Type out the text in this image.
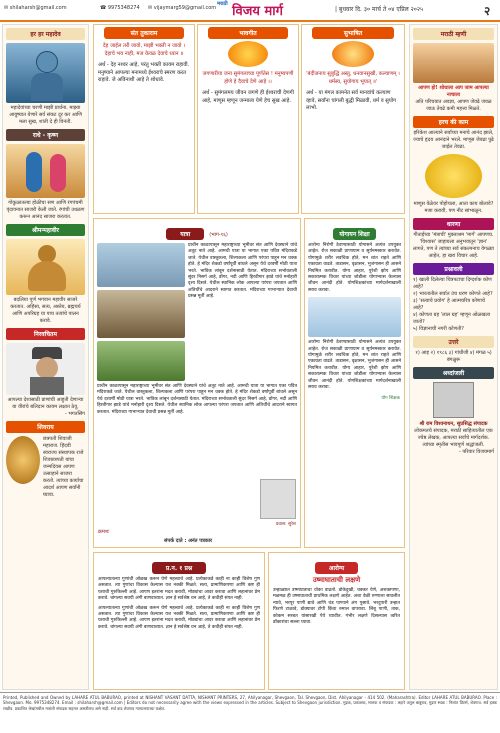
✉ shilaharsh@gmail.com	☎ 9975348274 ✉ vijaymarg59@gmail.com
$^{मराठी}$ विजय मार्ग	| बुधवार दि. ३० मार्च ते ०४ एप्रिल २०२५	२
हर हर महादेव

महादेवांच्या चरणी माझी प्रार्थना. माझ्या आयुष्यात येणारे सर्व संकट दूर कर आणि मला सुख, शांती दे ही विनंती.

राधे - कृष्ण

गोकुळातल्या होळीचा सण आणि रंगपंचमी वृंदावनात साजरी केली जाते. रंगांची उधळण करून आनंद साजरा करतात.

श्रीमन्महावीर

बदलिया पूर्ण भगवान महावीर साजरे करतात. अहिंसा, सत्य, अस्तेय, ब्रह्मचर्य आणि अपरिग्रह या पाच तत्वांचे पालन करावे.

निरवचितम

आपल्या देशासाठी प्राणांची आहुती देणाऱ्या या वीरांचे बलिदान कायम लक्षात ठेवू.

- भगतसिंग

शिवराय

छत्रपती शिवाजी महाराज. हिंदवी स्वराज्य संस्थापक राजे शिवछत्रपती यांचा जन्मदिवस आपण उत्साहाने साजरा करतो. त्यांच्या कार्याचा आदर्श आपण सर्वांनी घ्यावा.

संत तुकाराम

देह जाईल तरी जावो, माझी भक्ती न जावो । देहाचे भय नाही, मज केवळ देवाचे ध्यान ॥

अर्थ - देह नश्वर आहे, परंतु भक्ती कायम राहावी. मनुष्याने आपल्या मनामध्ये ईश्वराचे स्मरण करत राहावे. जे अविनाशी आहे ते शोधावे.

भावगीत

जगणारीया जना सुमंगलाच्या पूर्णतेस ! मनुष्यपणी होणे हे दैवाचे देणे आहे ।।

अर्थ - सुमंगलमय जीवन जगणे ही ईश्वराची देणगी आहे, माणूस म्हणून जन्माला येणे हेच सुख आहे.

सुभाषित

'बंदीजनाय सुबुद्धि अस्तु, धनवानसुखी, कल्याणम् । धर्मस्य, सुयोगाय भूयात् ॥'

अर्थ - या मंगल कामनेत सर्व मानवांचे कल्याण व्हावे, सर्वांना चांगली बुद्धी मिळावी, धर्म व सुयोग लाभो.

यात्रा	(भाग-१६)

प्राचीन काळापासून महाराष्ट्राच्या भूमीवर संत आणि देवस्थाने यांचे अतूट नाते आहे. आमची यात्रा या भागात एका पवित्र मंदिराकडे जाते. येथील वास्तुकला, शिल्पकला आणि परंपरा पाहून मन थक्क होते. हे मंदिर शेकडो वर्षांपूर्वी बांधले असून येथे दरवर्षी मोठी यात्रा भरते. भाविक लांबून दर्शनासाठी येतात. मंदिराच्या सभोवताली सुंदर निसर्ग आहे, डोंगर, नदी आणि हिरवीगार झाडे यांचे मनोहारी दृश्य दिसते. येथील स्थानिक लोक आपल्या परंपरा जपतात आणि अतिथींचे आदराने स्वागत करतात. मंदिराच्या गाभाऱ्यात देवाची प्रसन्न मूर्ती आहे.

प्राचीन काळापासून महाराष्ट्राच्या भूमीवर संत आणि देवस्थाने यांचे अतूट नाते आहे. आमची यात्रा या भागात एका पवित्र मंदिराकडे जाते. येथील वास्तुकला, शिल्पकला आणि परंपरा पाहून मन थक्क होते. हे मंदिर शेकडो वर्षांपूर्वी बांधले असून येथे दरवर्षी मोठी यात्रा भरते. भाविक लांबून दर्शनासाठी येतात. मंदिराच्या सभोवताली सुंदर निसर्ग आहे, डोंगर, नदी आणि हिरवीगार झाडे यांचे मनोहारी दृश्य दिसते. येथील स्थानिक लोक आपल्या परंपरा जपतात आणि अतिथींचे आदराने स्वागत करतात. मंदिराच्या गाभाऱ्यात देवाची प्रसन्न मूर्ती आहे.

प्रवास: सुरेश

क्रमशः

संपर्क दाते : अनंत पत्रकार

योगायन शिक्षा

आरोग्य निरोगी ठेवण्यासाठी योगासने अत्यंत उपयुक्त आहेत. रोज सकाळी प्राणायाम व सूर्यनमस्कार करावेत. योगामुळे शरीर लवचिक होते, मन शांत राहते आणि एकाग्रता वाढते. ताडासन, वृक्षासन, भुजंगासन ही आसने नियमित करावीत. योग्य आहार, पुरेशी झोप आणि सकारात्मक विचार यांच्या जोडीला योगाभ्यास केल्यास जीवन आनंदी होते. योगशिक्षकांच्या मार्गदर्शनाखाली सराव करावा.

आरोग्य निरोगी ठेवण्यासाठी योगासने अत्यंत उपयुक्त आहेत. रोज सकाळी प्राणायाम व सूर्यनमस्कार करावेत. योगामुळे शरीर लवचिक होते, मन शांत राहते आणि एकाग्रता वाढते. ताडासन, वृक्षासन, भुजंगासन ही आसने नियमित करावीत. योग्य आहार, पुरेशी झोप आणि सकारात्मक विचार यांच्या जोडीला योगाभ्यास केल्यास जीवन आनंदी होते. योगशिक्षकांच्या मार्गदर्शनाखाली सराव करावा.

योग शिक्षक

प्र.न. १ प्रश्न

आपल्यातल्या गुणांची ओळख करून घेणे महत्त्वाचे आहे. प्रत्येकाकडे काही ना काही विशेष गुण असतात. त्या गुणांचा विकास केल्यास यश नक्की मिळते. सत्य, प्रामाणिकपणा आणि कष्ट ही यशाची गुरुकिल्ली आहे. आपण इतरांना मदत करावी, मोठ्यांचा आदर करावा आणि लहानांवर प्रेम करावे. चांगल्या सवयी अंगी बाणवाव्यात. ज्ञान हे सर्वश्रेष्ठ धन आहे, ते कधीही संपत नाही.

आपल्यातल्या गुणांची ओळख करून घेणे महत्त्वाचे आहे. प्रत्येकाकडे काही ना काही विशेष गुण असतात. त्या गुणांचा विकास केल्यास यश नक्की मिळते. सत्य, प्रामाणिकपणा आणि कष्ट ही यशाची गुरुकिल्ली आहे. आपण इतरांना मदत करावी, मोठ्यांचा आदर करावा आणि लहानांवर प्रेम करावे. चांगल्या सवयी अंगी बाणवाव्यात. ज्ञान हे सर्वश्रेष्ठ धन आहे, ते कधीही संपत नाही.

आरोग्य

उष्माघाताची लक्षणे

उन्हाळ्यात उष्माघाताचा धोका वाढतो. डोकेदुखी, चक्कर येणे, अशक्तपणा, मळमळ ही उष्माघाताची प्राथमिक लक्षणे आहेत. अशा वेळी रुग्णाला सावलीत न्यावे, भरपूर पाणी द्यावे आणि थंड पाण्याने अंग पुसावे. भरदुपारी उन्हात फिरणे टाळावे, डोक्यावर टोपी किंवा रुमाल वापरावा. लिंबू पाणी, ताक, कोकम सरबत यांसारखी पेये घ्यावीत. गंभीर लक्षणे दिसल्यास त्वरित डॉक्टरांचा सल्ला घ्यावा.

मराठी म्हणी

आपण हो! शोधाला आप जाम आपल्या नाचाला

अति परिचयात अवज्ञा, आपण जेवढे जवळ जाऊ तेवढे कमी महत्त्व मिळते.

हरच की काम

हरिकेश आल्याने सर्वांच्या मनाचे आनंद झाले, ज्याचे हृदय आनंदाने भरले. माणूस जेवढा पुढे जाईल तेवढा.

माणूस वेळेवर पोहोचला, आता काय बोलावे? मजा करावी, पण नीट सांभाळून.

धारणा

गीताईच्या 'मंत्राची' मुक्ताश्रम 'मार्ग' आपणच. 'विश्वास' जाहायला अनुभवातून 'ज्ञान' लागते, पण ते त्यांच्या सर्व संकल्पनाच वेगळ्या आहेत, हा खरा विचार आहे.

प्रश्नावली

१) खाली दिलेल्या चित्रपटाचा दिग्दर्शक कोण आहे?

२) भारतातील सर्वात उंच धरण कोणते आहे?

३) 'सत्याचे प्रयोग' हे आत्मचरित्र कोणाचे आहे?

४) कोणता ग्रह 'लाल ग्रह' म्हणून ओळखला जातो?

५) विज्ञानाची नगरी कोणती?

उत्तरे

१) आइ २) १९८६ ३) गांधीजी ४) मंगळ ५) बंगळुरू

श्रध्दांजली

श्री राम विश्वनाथन, सुप्रसिद्ध संपादक

लोकमतचे संपादक, मराठी साहित्यातील एक ज्येष्ठ लेखक, आपल्या सर्वांचे मार्गदर्शक. त्यांच्या स्मृतीस भावपूर्ण श्रद्धांजली.

- परिवार विजयमार्ग

Printed, Published and Owned by LAHARE ATUL BABURAO, printed at NISHANT VASANT DATTA, NISHANT PRINTERS, 27, Ahilyanagar, Shevgaon, Tal. Shevgaon, Dist. Ahilyanagar - 414 502. (Maharashtra). Editor LAHARE ATUL BABURAO. Place : Shevgaon. Mo. 9975348274. Email : shilaharsh@gmail.com | Editors do not necessarily agree with the views expressed in the articles. Subject to Shevgaon jurisdiction. मुद्रक, प्रकाशक, मालक व संपादक : लहारे अतुल बाबुराव, मुद्रण स्थळ : निशांत प्रिंटर्स, शेवगाव. सर्व हक्क राखीव. प्रकाशित लेखांमधील मतांशी संपादक सहमत असतीलच असे नाही. सर्व वाद शेवगाव न्यायालयाच्या कक्षेत.
